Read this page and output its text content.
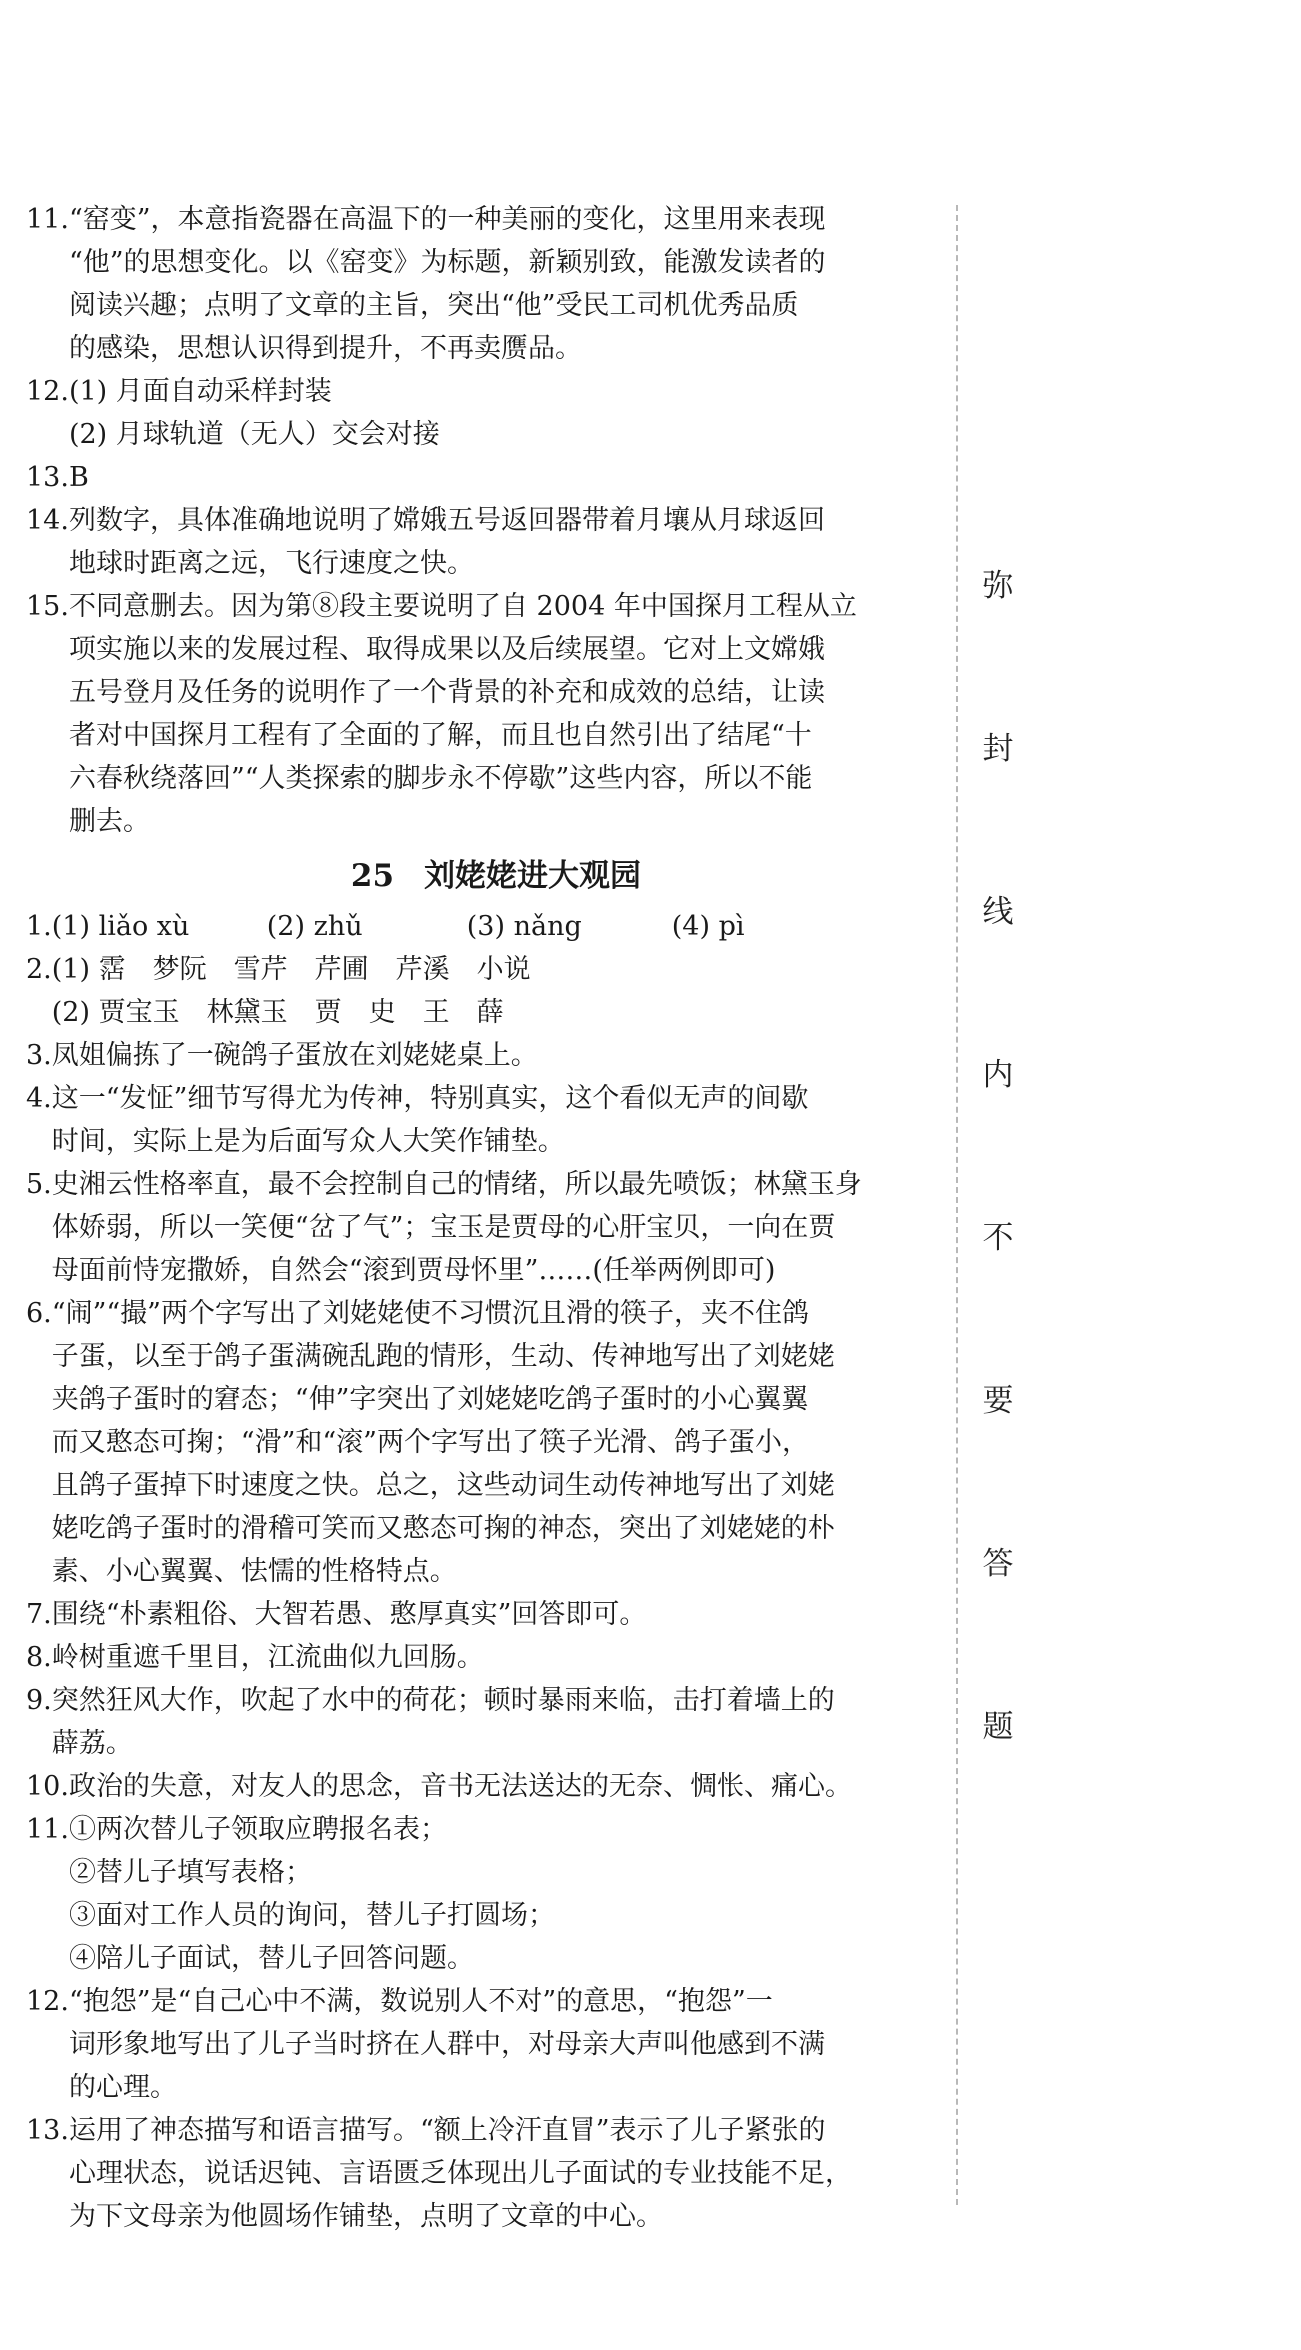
11. “窑变”，本意指瓷器在高温下的一种美丽的变化，这里用来表现
“他”的思想变化。以《窑变》为标题，新颖别致，能激发读者的
阅读兴趣；点明了文章的主旨，突出“他”受民工司机优秀品质
的感染，思想认识得到提升，不再卖赝品。
12. (1) 月面自动采样封装
(2) 月球轨道（无人）交会对接
13. B
14. 列数字，具体准确地说明了嫦娥五号返回器带着月壤从月球返回
地球时距离之远，飞行速度之快。
15. 不同意删去。因为第⑧段主要说明了自 2004 年中国探月工程从立
项实施以来的发展过程、取得成果以及后续展望。它对上文嫦娥
五号登月及任务的说明作了一个背景的补充和成效的总结，让读
者对中国探月工程有了全面的了解，而且也自然引出了结尾“十
六春秋绕落回”“人类探索的脚步永不停歇”这些内容，所以不能
删去。
25 刘姥姥进大观园
1. (1) liǎo xù	(2) zhǔ	(3) nǎng	(4) pì
2. (1) 霑　梦阮　雪芹　芹圃　芹溪　小说
(2) 贾宝玉　林黛玉　贾　史　王　薛
3. 凤姐偏拣了一碗鸽子蛋放在刘姥姥桌上。
4. 这一“发怔”细节写得尤为传神，特别真实，这个看似无声的间歇
时间，实际上是为后面写众人大笑作铺垫。
5. 史湘云性格率直，最不会控制自己的情绪，所以最先喷饭；林黛玉身
体娇弱，所以一笑便“岔了气”；宝玉是贾母的心肝宝贝，一向在贾
母面前恃宠撒娇，自然会“滚到贾母怀里”……(任举两例即可)
6. “闹”“撮”两个字写出了刘姥姥使不习惯沉且滑的筷子，夹不住鸽
子蛋，以至于鸽子蛋满碗乱跑的情形，生动、传神地写出了刘姥姥
夹鸽子蛋时的窘态；“伸”字突出了刘姥姥吃鸽子蛋时的小心翼翼
而又憨态可掬；“滑”和“滚”两个字写出了筷子光滑、鸽子蛋小，
且鸽子蛋掉下时速度之快。总之，这些动词生动传神地写出了刘姥
姥吃鸽子蛋时的滑稽可笑而又憨态可掬的神态，突出了刘姥姥的朴
素、小心翼翼、怯懦的性格特点。
7. 围绕“朴素粗俗、大智若愚、憨厚真实”回答即可。
8. 岭树重遮千里目，江流曲似九回肠。
9. 突然狂风大作，吹起了水中的荷花；顿时暴雨来临，击打着墙上的
薜荔。
10. 政治的失意，对友人的思念，音书无法送达的无奈、惆怅、痛心。
11. ①两次替儿子领取应聘报名表；
②替儿子填写表格；
③面对工作人员的询问，替儿子打圆场；
④陪儿子面试，替儿子回答问题。
12. “抱怨”是“自己心中不满，数说别人不对”的意思，“抱怨”一
词形象地写出了儿子当时挤在人群中，对母亲大声叫他感到不满
的心理。
13. 运用了神态描写和语言描写。“额上冷汗直冒”表示了儿子紧张的
心理状态，说话迟钝、言语匮乏体现出儿子面试的专业技能不足，
为下文母亲为他圆场作铺垫，点明了文章的中心。
弥
封
线
内
不
要
答
题
